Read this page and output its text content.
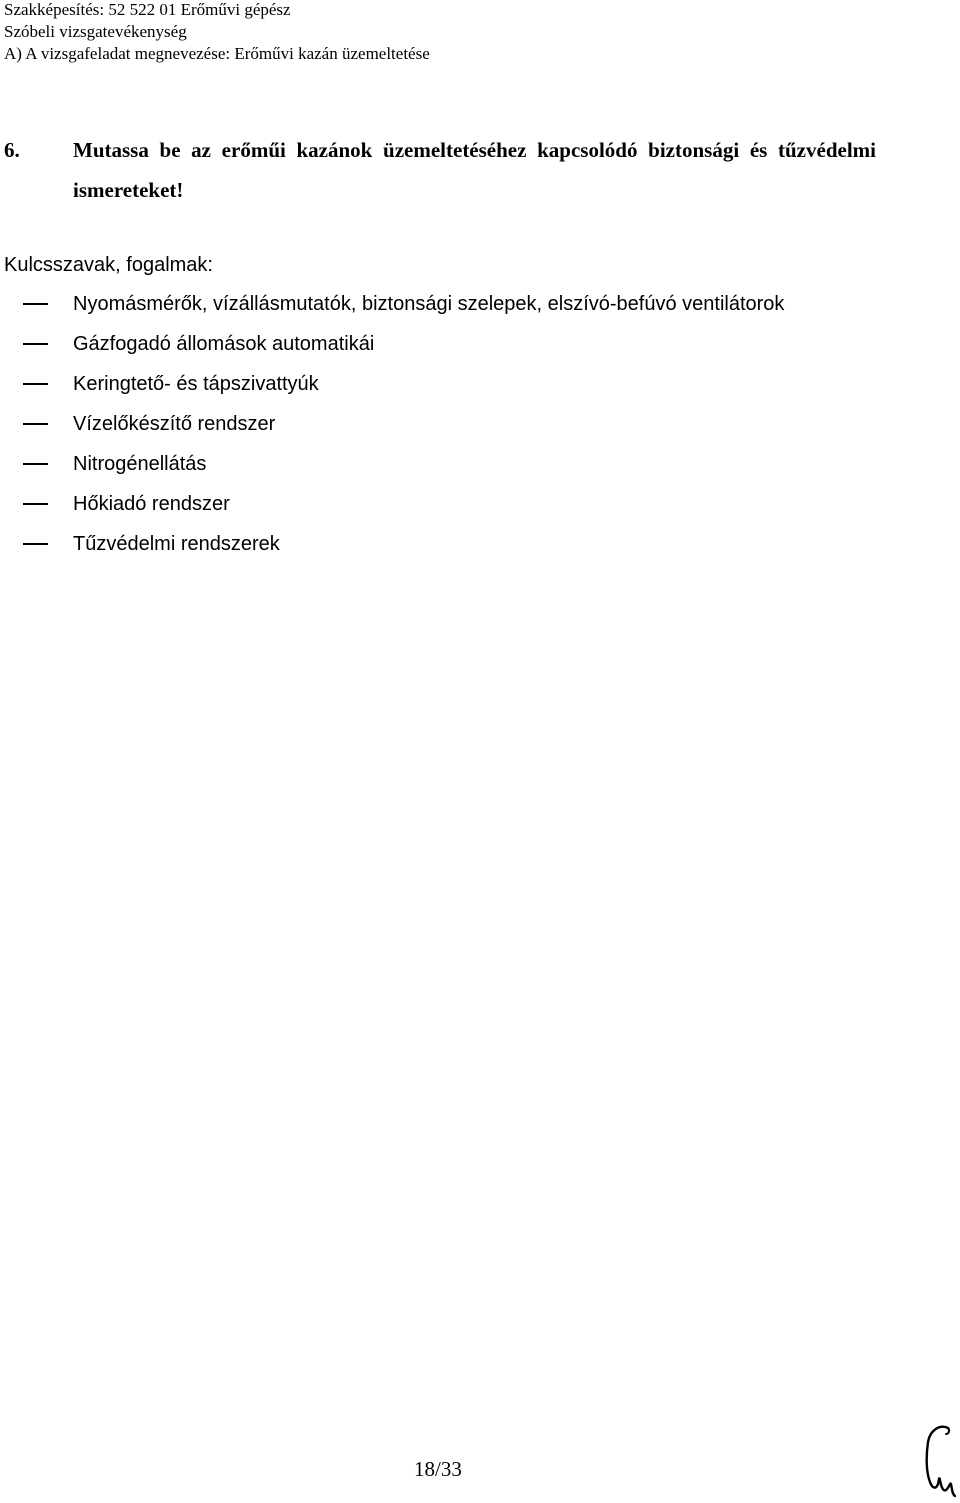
Szakképesítés: 52 522 01 Erőművi gépész
Szóbeli vizsgatevékenység
A) A vizsgafeladat megnevezése: Erőművi kazán üzemeltetése
6.	Mutassa be az erőműi kazánok üzemeltetéséhez kapcsolódó biztonsági és tűzvédelmi ismereteket!
Kulcsszavak, fogalmak:
Nyomásmérők, vízállásmutatók, biztonsági szelepek, elszívó-befúvó ventilátorok
Gázfogadó állomások automatikái
Keringtető- és tápszivattyúk
Vízelőkészítő rendszer
Nitrogénellátás
Hőkiadó rendszer
Tűzvédelmi rendszerek
18/33
